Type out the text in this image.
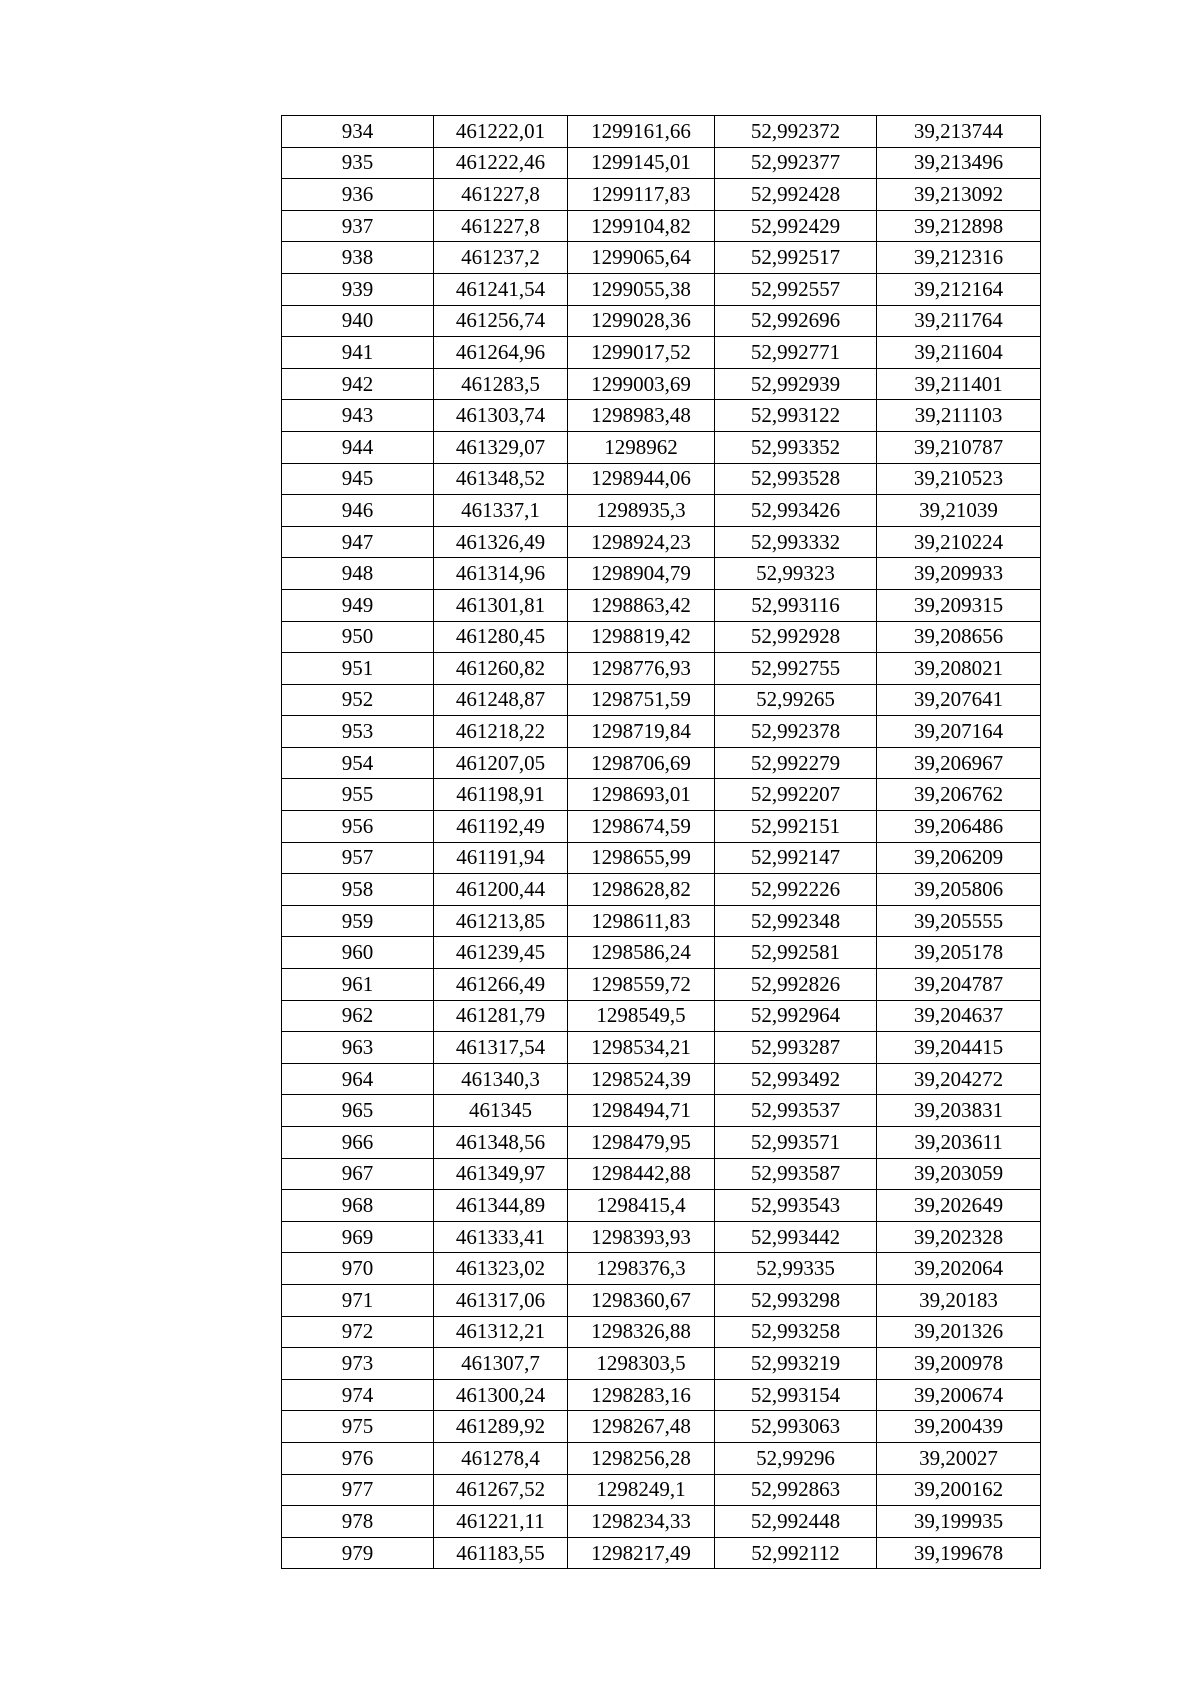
934	461222,01	1299161,66	52,992372	39,213744
935	461222,46	1299145,01	52,992377	39,213496
936	461227,8	1299117,83	52,992428	39,213092
937	461227,8	1299104,82	52,992429	39,212898
938	461237,2	1299065,64	52,992517	39,212316
939	461241,54	1299055,38	52,992557	39,212164
940	461256,74	1299028,36	52,992696	39,211764
941	461264,96	1299017,52	52,992771	39,211604
942	461283,5	1299003,69	52,992939	39,211401
943	461303,74	1298983,48	52,993122	39,211103
944	461329,07	1298962	52,993352	39,210787
945	461348,52	1298944,06	52,993528	39,210523
946	461337,1	1298935,3	52,993426	39,21039
947	461326,49	1298924,23	52,993332	39,210224
948	461314,96	1298904,79	52,99323	39,209933
949	461301,81	1298863,42	52,993116	39,209315
950	461280,45	1298819,42	52,992928	39,208656
951	461260,82	1298776,93	52,992755	39,208021
952	461248,87	1298751,59	52,99265	39,207641
953	461218,22	1298719,84	52,992378	39,207164
954	461207,05	1298706,69	52,992279	39,206967
955	461198,91	1298693,01	52,992207	39,206762
956	461192,49	1298674,59	52,992151	39,206486
957	461191,94	1298655,99	52,992147	39,206209
958	461200,44	1298628,82	52,992226	39,205806
959	461213,85	1298611,83	52,992348	39,205555
960	461239,45	1298586,24	52,992581	39,205178
961	461266,49	1298559,72	52,992826	39,204787
962	461281,79	1298549,5	52,992964	39,204637
963	461317,54	1298534,21	52,993287	39,204415
964	461340,3	1298524,39	52,993492	39,204272
965	461345	1298494,71	52,993537	39,203831
966	461348,56	1298479,95	52,993571	39,203611
967	461349,97	1298442,88	52,993587	39,203059
968	461344,89	1298415,4	52,993543	39,202649
969	461333,41	1298393,93	52,993442	39,202328
970	461323,02	1298376,3	52,99335	39,202064
971	461317,06	1298360,67	52,993298	39,20183
972	461312,21	1298326,88	52,993258	39,201326
973	461307,7	1298303,5	52,993219	39,200978
974	461300,24	1298283,16	52,993154	39,200674
975	461289,92	1298267,48	52,993063	39,200439
976	461278,4	1298256,28	52,99296	39,20027
977	461267,52	1298249,1	52,992863	39,200162
978	461221,11	1298234,33	52,992448	39,199935
979	461183,55	1298217,49	52,992112	39,199678
